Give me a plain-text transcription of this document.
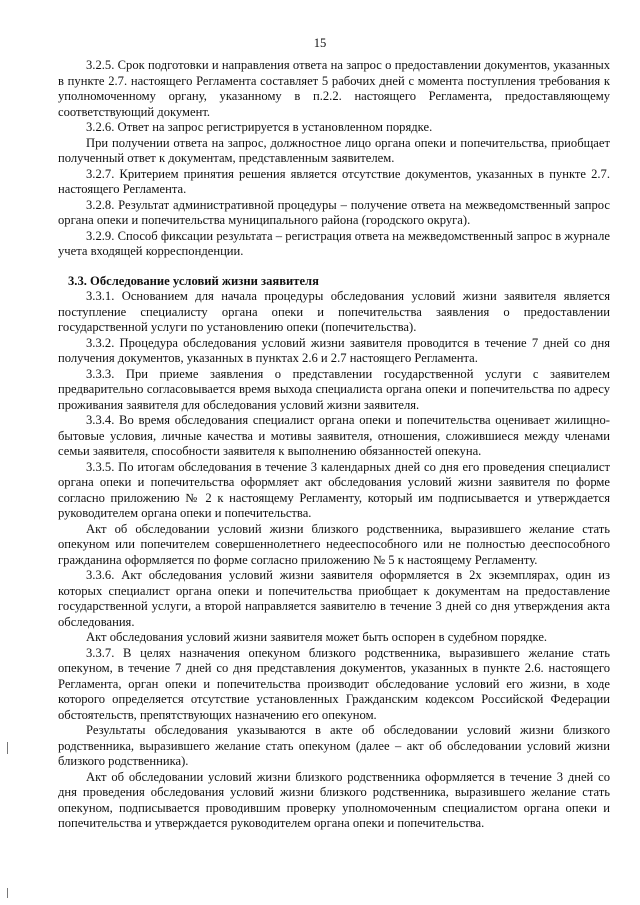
15

3.2.5. Срок подготовки и направления ответа на запрос о предоставлении документов, указанных в пункте 2.7. настоящего Регламента составляет 5 рабочих дней с момента поступления требования к уполномоченному органу, указанному в п.2.2. настоящего Регламента, предоставляющему соответствующий документ.

3.2.6. Ответ на запрос регистрируется в установленном порядке.

При получении ответа на запрос, должностное лицо органа опеки и попечительства, приобщает полученный ответ к документам, представленным заявителем.

3.2.7. Критерием принятия решения является отсутствие документов, указанных в пункте 2.7. настоящего Регламента.

3.2.8. Результат административной процедуры – получение ответа на межведомственный запрос органа опеки и попечительства муниципального района (городского округа).

3.2.9. Способ фиксации результата – регистрация ответа на межведомственный запрос в журнале учета входящей корреспонденции.

3.3. Обследование условий жизни заявителя

3.3.1. Основанием для начала процедуры обследования условий жизни заявителя является поступление специалисту органа опеки и попечительства заявления о предоставлении государственной услуги по установлению опеки (попечительства).

3.3.2. Процедура обследования условий жизни заявителя проводится в течение 7 дней со дня получения документов, указанных в пунктах 2.6 и 2.7 настоящего Регламента.

3.3.3. При приеме заявления о представлении государственной услуги с заявителем предварительно согласовывается время выхода специалиста органа опеки и попечительства по адресу проживания заявителя для обследования условий жизни заявителя.

3.3.4. Во время обследования специалист органа опеки и попечительства оценивает жилищно-бытовые условия, личные качества и мотивы заявителя, отношения, сложившиеся между членами семьи заявителя, способности заявителя к выполнению обязанностей опекуна.

3.3.5. По итогам обследования в течение 3 календарных дней со дня его проведения специалист органа опеки и попечительства оформляет акт обследования условий жизни заявителя по форме согласно приложению № 2 к настоящему Регламенту, который им подписывается и утверждается руководителем органа опеки и попечительства.

Акт об обследовании условий жизни близкого родственника, выразившего желание стать опекуном или попечителем совершеннолетнего недееспособного или не полностью дееспособного гражданина оформляется по форме согласно приложению № 5 к настоящему Регламенту.

3.3.6. Акт обследования условий жизни заявителя оформляется в 2х экземплярах, один из которых специалист органа опеки и попечительства приобщает к документам на предоставление государственной услуги, а второй направляется заявителю в течение 3 дней со дня утверждения акта обследования.

Акт обследования условий жизни заявителя может быть оспорен в судебном порядке.

3.3.7. В целях назначения опекуном близкого родственника, выразившего желание стать опекуном, в течение 7 дней со дня представления документов, указанных в пункте 2.6. настоящего Регламента, орган опеки и попечительства производит обследование условий его жизни, в ходе которого определяется отсутствие установленных Гражданским кодексом Российской Федерации обстоятельств, препятствующих назначению его опекуном.

Результаты обследования указываются в акте об обследовании условий жизни близкого родственника, выразившего желание стать опекуном (далее – акт об обследовании условий жизни близкого родственника).

Акт об обследовании условий жизни близкого родственника оформляется в течение 3 дней со дня проведения обследования условий жизни близкого родственника, выразившего желание стать опекуном, подписывается проводившим проверку уполномоченным специалистом органа опеки и попечительства и утверждается руководителем органа опеки и попечительства.
